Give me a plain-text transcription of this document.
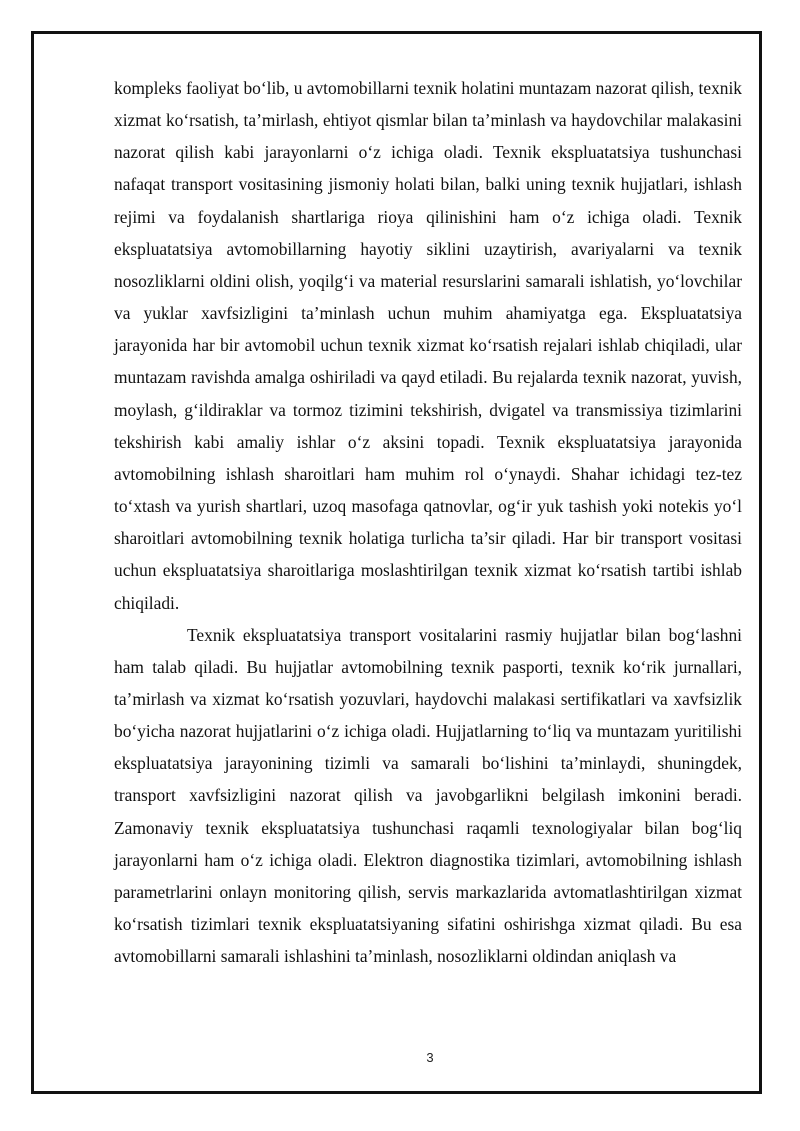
kompleks faoliyat bo‘lib, u avtomobillarni texnik holatini muntazam nazorat qilish, texnik xizmat ko‘rsatish, ta’mirlash, ehtiyot qismlar bilan ta’minlash va haydovchilar malakasini nazorat qilish kabi jarayonlarni o‘z ichiga oladi. Texnik ekspluatatsiya tushunchasi nafaqat transport vositasining jismoniy holati bilan, balki uning texnik hujjatlari, ishlash rejimi va foydalanish shartlariga rioya qilinishini ham o‘z ichiga oladi. Texnik ekspluatatsiya avtomobillarning hayotiy siklini uzaytirish, avariyalarni va texnik nosozliklarni oldini olish, yoqilg‘i va material resurslarini samarali ishlatish, yo‘lovchilar va yuklar xavfsizligini ta’minlash uchun muhim ahamiyatga ega. Ekspluatatsiya jarayonida har bir avtomobil uchun texnik xizmat ko‘rsatish rejalari ishlab chiqiladi, ular muntazam ravishda amalga oshiriladi va qayd etiladi. Bu rejalarda texnik nazorat, yuvish, moylash, g‘ildiraklar va tormoz tizimini tekshirish, dvigatel va transmissiya tizimlarini tekshirish kabi amaliy ishlar o‘z aksini topadi. Texnik ekspluatatsiya jarayonida avtomobilning ishlash sharoitlari ham muhim rol o‘ynaydi. Shahar ichidagi tez-tez to‘xtash va yurish shartlari, uzoq masofaga qatnovlar, og‘ir yuk tashish yoki notekis yo‘l sharoitlari avtomobilning texnik holatiga turlicha ta’sir qiladi. Har bir transport vositasi uchun ekspluatatsiya sharoitlariga moslashtirilgan texnik xizmat ko‘rsatish tartibi ishlab chiqiladi.

Texnik ekspluatatsiya transport vositalarini rasmiy hujjatlar bilan bog‘lashni ham talab qiladi. Bu hujjatlar avtomobilning texnik pasporti, texnik ko‘rik jurnallari, ta’mirlash va xizmat ko‘rsatish yozuvlari, haydovchi malakasi sertifikatlari va xavfsizlik bo‘yicha nazorat hujjatlarini o‘z ichiga oladi. Hujjatlarning to‘liq va muntazam yuritilishi ekspluatatsiya jarayonining tizimli va samarali bo‘lishini ta’minlaydi, shuningdek, transport xavfsizligini nazorat qilish va javobgarlikni belgilash imkonini beradi. Zamonaviy texnik ekspluatatsiya tushunchasi raqamli texnologiyalar bilan bog‘liq jarayonlarni ham o‘z ichiga oladi. Elektron diagnostika tizimlari, avtomobilning ishlash parametrlarini onlayn monitoring qilish, servis markazlarida avtomatlashtirilgan xizmat ko‘rsatish tizimlari texnik ekspluatatsiyaning sifatini oshirishga xizmat qiladi. Bu esa avtomobillarni samarali ishlashini ta’minlash, nosozliklarni oldindan aniqlash va

3
